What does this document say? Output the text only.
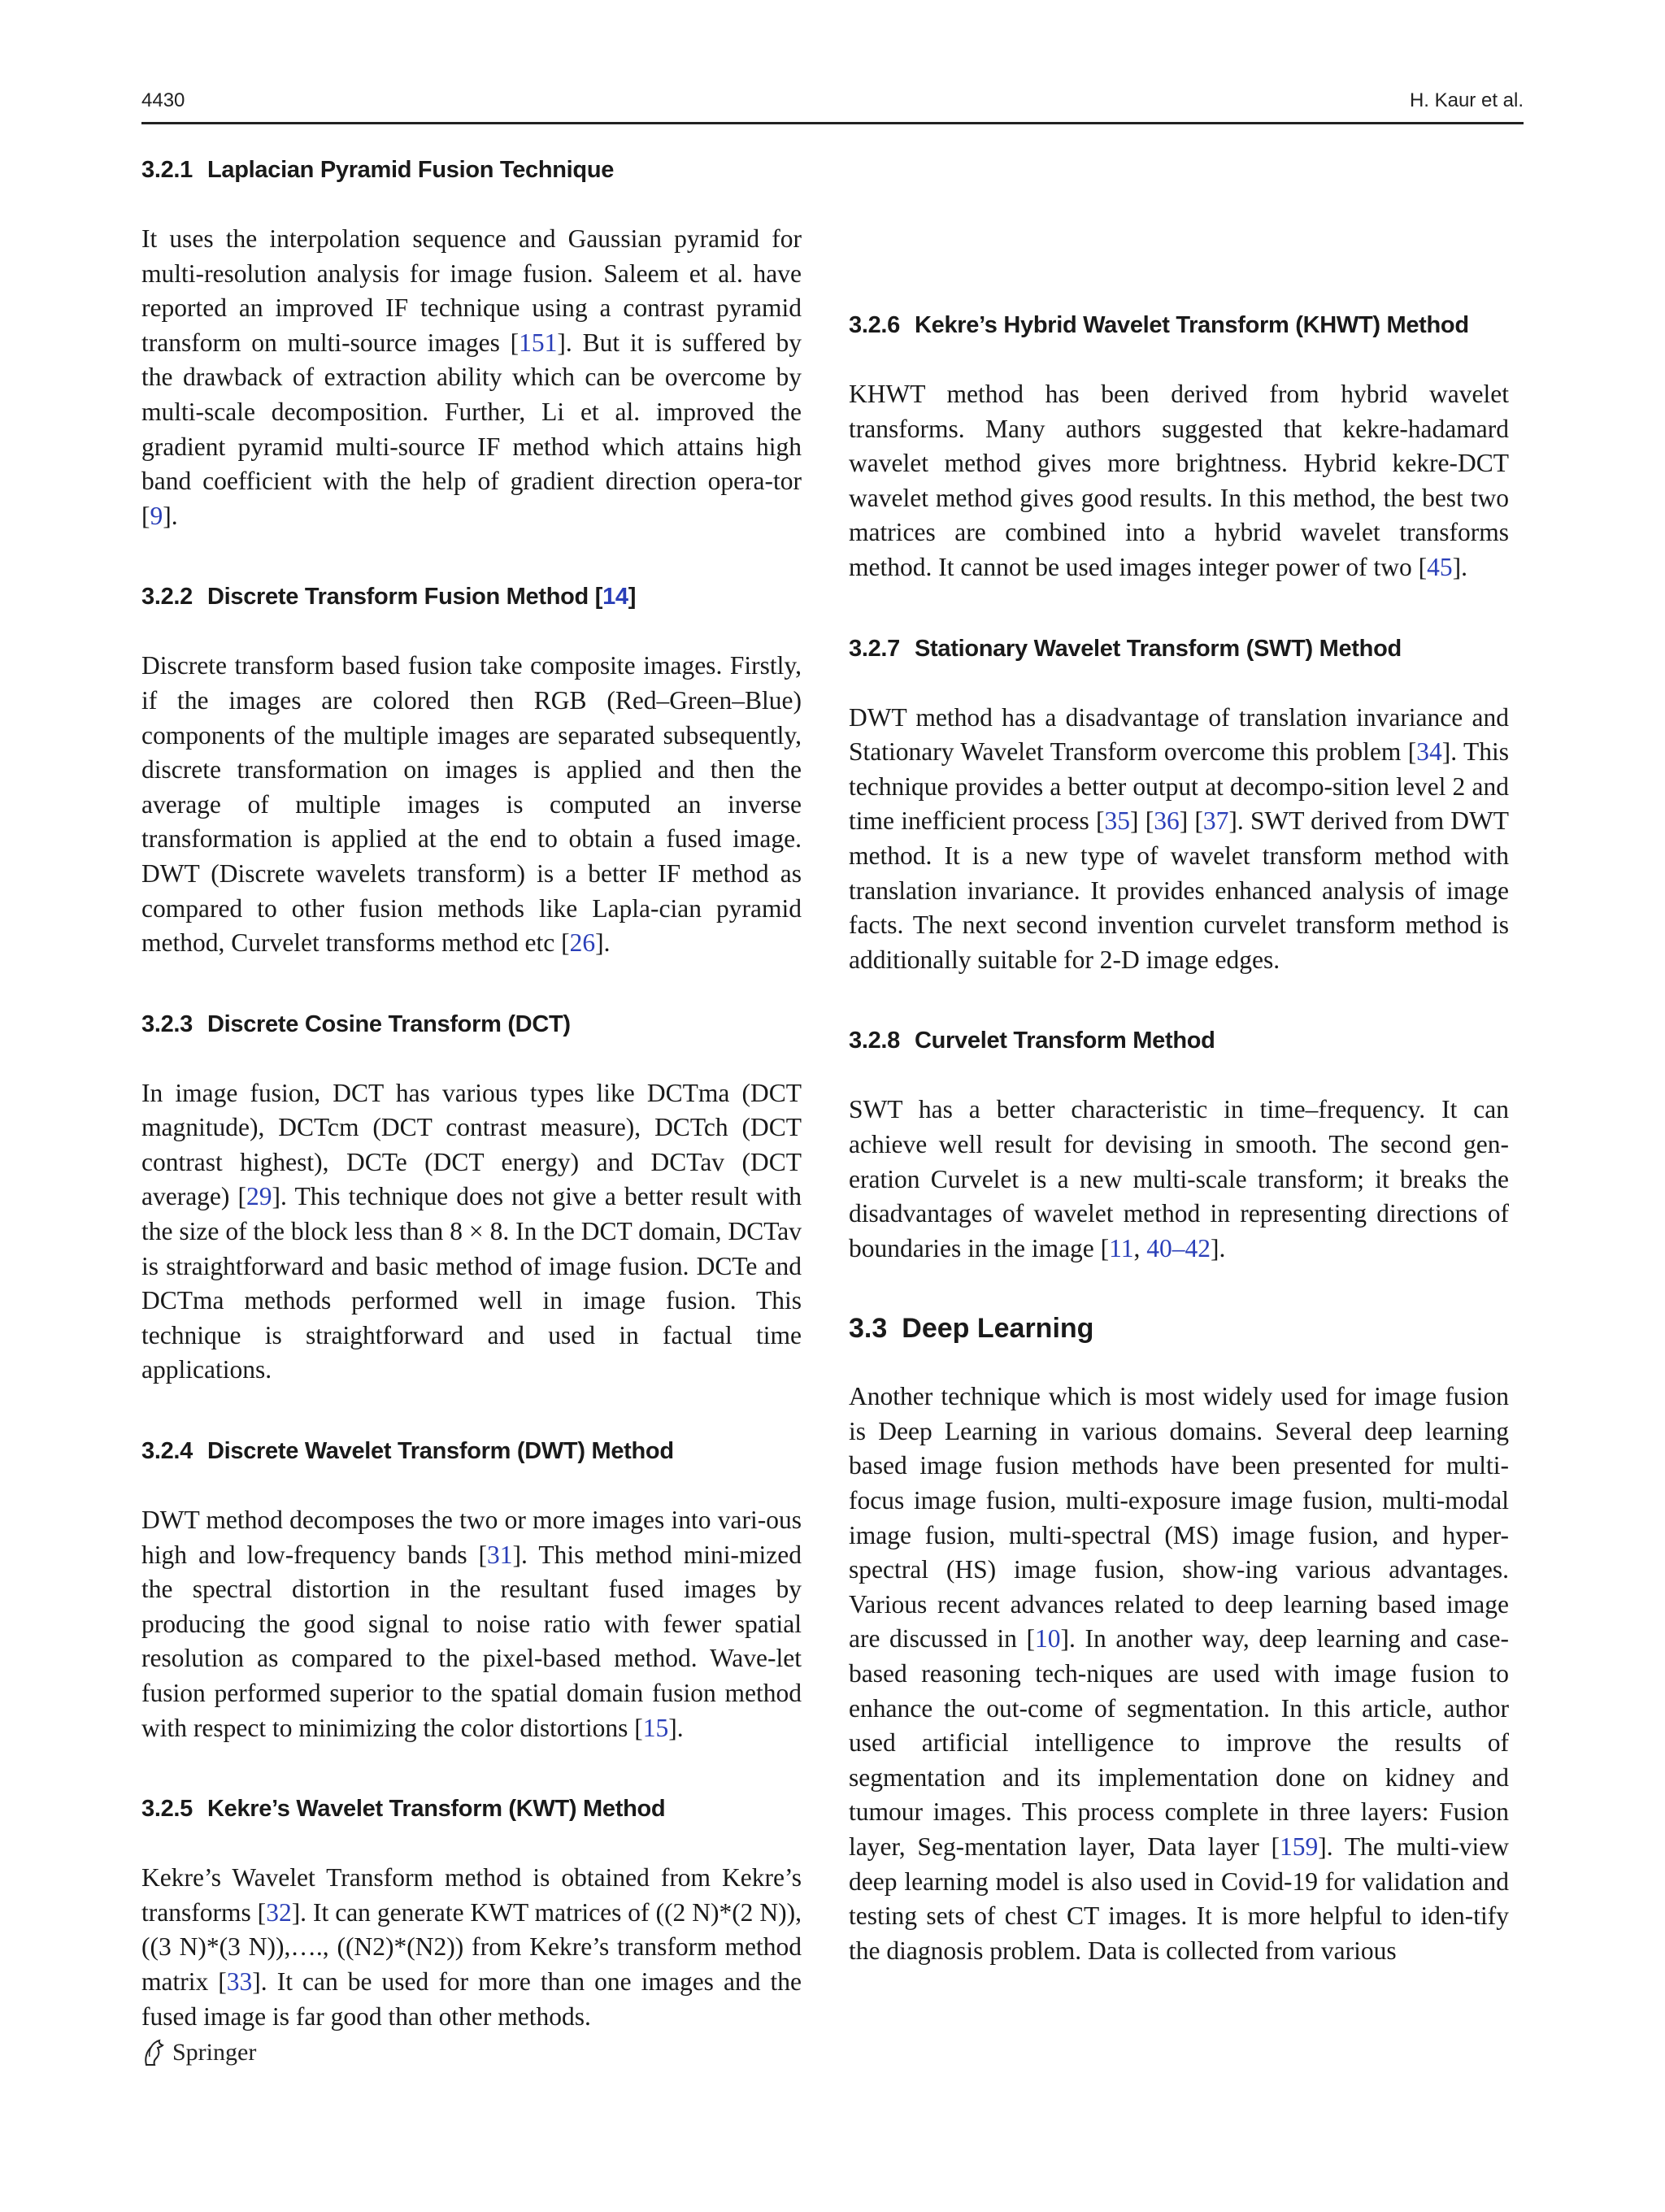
4430	H. Kaur et al.
3.2.1 Laplacian Pyramid Fusion Technique

It uses the interpolation sequence and Gaussian pyramid for multi-resolution analysis for image fusion. Saleem et al. have reported an improved IF technique using a contrast pyramid transform on multi-source images [151]. But it is suffered by the drawback of extraction ability which can be overcome by multi-scale decomposition. Further, Li et al. improved the gradient pyramid multi-source IF method which attains high band coefficient with the help of gradient direction opera-tor [9].

3.2.2 Discrete Transform Fusion Method [14]

Discrete transform based fusion take composite images. Firstly, if the images are colored then RGB (Red–Green–Blue) components of the multiple images are separated subsequently, discrete transformation on images is applied and then the average of multiple images is computed an inverse transformation is applied at the end to obtain a fused image. DWT (Discrete wavelets transform) is a better IF method as compared to other fusion methods like Lapla-cian pyramid method, Curvelet transforms method etc [26].

3.2.3 Discrete Cosine Transform (DCT)

In image fusion, DCT has various types like DCTma (DCT magnitude), DCTcm (DCT contrast measure), DCTch (DCT contrast highest), DCTe (DCT energy) and DCTav (DCT average) [29]. This technique does not give a better result with the size of the block less than 8 × 8. In the DCT domain, DCTav is straightforward and basic method of image fusion. DCTe and DCTma methods performed well in image fusion. This technique is straightforward and used in factual time applications.

3.2.4 Discrete Wavelet Transform (DWT) Method

DWT method decomposes the two or more images into vari-ous high and low-frequency bands [31]. This method mini-mized the spectral distortion in the resultant fused images by producing the good signal to noise ratio with fewer spatial resolution as compared to the pixel-based method. Wave-let fusion performed superior to the spatial domain fusion method with respect to minimizing the color distortions [15].

3.2.5 Kekre’s Wavelet Transform (KWT) Method

Kekre’s Wavelet Transform method is obtained from Kekre’s transforms [32]. It can generate KWT matrices of ((2 N)*(2 N)), ((3 N)*(3 N)),…., ((N2)*(N2)) from Kekre’s transform method matrix [33]. It can be used for more than one images and the fused image is far good than other methods.

3.2.6 Kekre’s Hybrid Wavelet Transform (KHWT) Method

KHWT method has been derived from hybrid wavelet transforms. Many authors suggested that kekre-hadamard wavelet method gives more brightness. Hybrid kekre-DCT wavelet method gives good results. In this method, the best two matrices are combined into a hybrid wavelet transforms method. It cannot be used images integer power of two [45].

3.2.7 Stationary Wavelet Transform (SWT) Method

DWT method has a disadvantage of translation invariance and Stationary Wavelet Transform overcome this problem [34]. This technique provides a better output at decompo-sition level 2 and time inefficient process [35] [36] [37]. SWT derived from DWT method. It is a new type of wavelet transform method with translation invariance. It provides enhanced analysis of image facts. The next second invention curvelet transform method is additionally suitable for 2-D image edges.

3.2.8 Curvelet Transform Method

SWT has a better characteristic in time–frequency. It can achieve well result for devising in smooth. The second gen-eration Curvelet is a new multi-scale transform; it breaks the disadvantages of wavelet method in representing directions of boundaries in the image [11, 40–42].

3.3 Deep Learning

Another technique which is most widely used for image fusion is Deep Learning in various domains. Several deep learning based image fusion methods have been presented for multi-focus image fusion, multi-exposure image fusion, multi-modal image fusion, multi-spectral (MS) image fusion, and hyper-spectral (HS) image fusion, show-ing various advantages. Various recent advances related to deep learning based image are discussed in [10]. In another way, deep learning and case-based reasoning tech-niques are used with image fusion to enhance the out-come of segmentation. In this article, author used artificial intelligence to improve the results of segmentation and its implementation done on kidney and tumour images. This process complete in three layers: Fusion layer, Seg-mentation layer, Data layer [159]. The multi-view deep learning model is also used in Covid-19 for validation and testing sets of chest CT images. It is more helpful to iden-tify the diagnosis problem. Data is collected from various

Springer
